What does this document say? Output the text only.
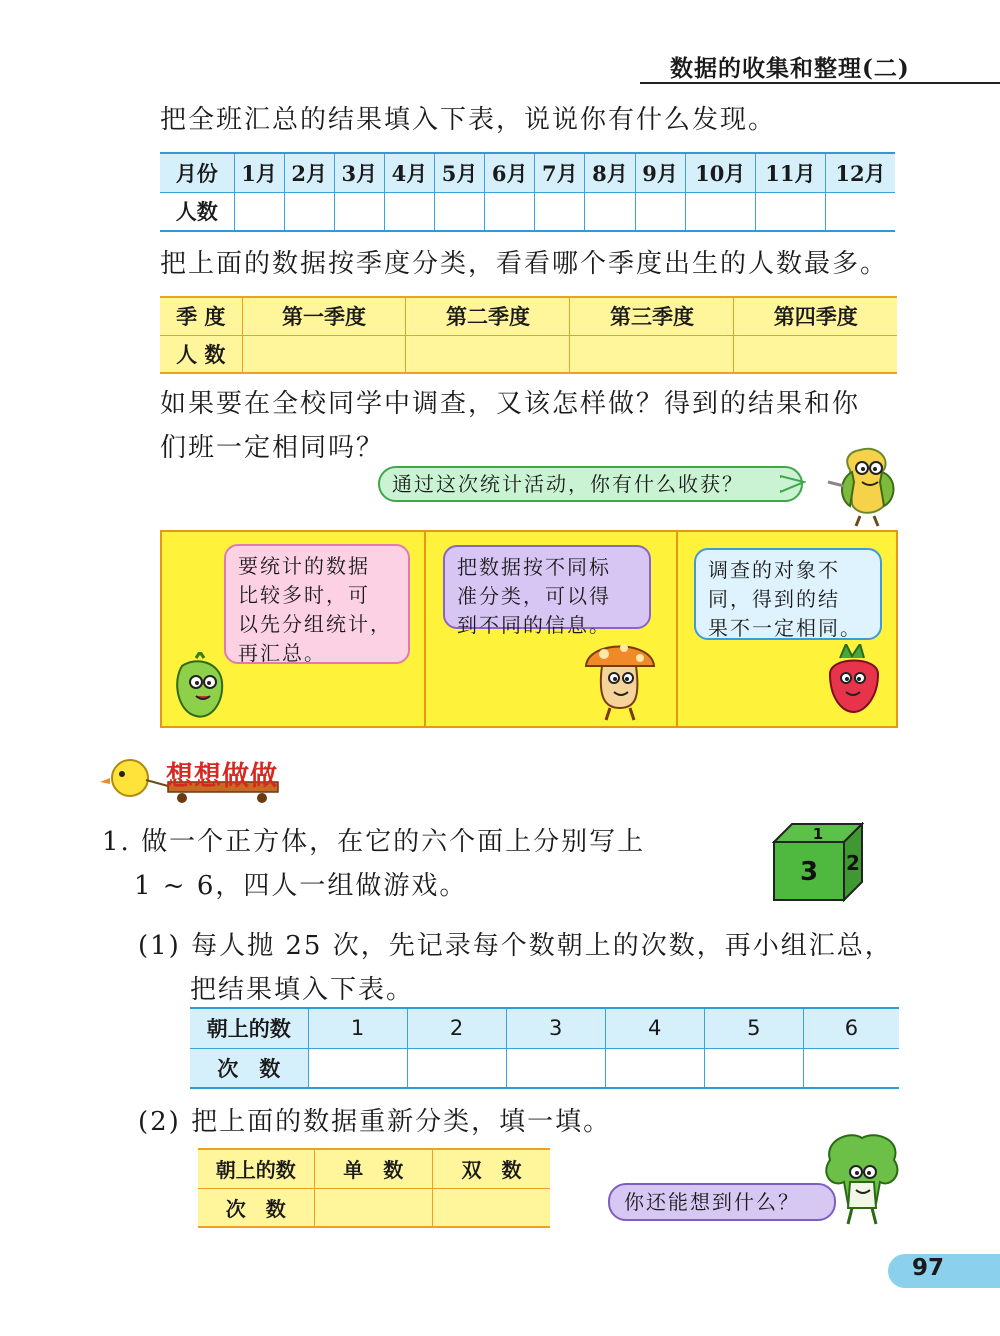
数据的收集和整理(二)
把全班汇总的结果填入下表，说说你有什么发现。
月份	1月	2月	3月	4月	5月	6月	7月	8月	9月	10月	11月	12月
人数												
把上面的数据按季度分类，看看哪个季度出生的人数最多。
季 度	第一季度	第二季度	第三季度	第四季度
人 数				
如果要在全校同学中调查，又该怎样做？得到的结果和你
们班一定相同吗？
通过这次统计活动，你有什么收获？
要统计的数据
比较多时，可
以先分组统计，
再汇总。
把数据按不同标
准分类，可以得
到不同的信息。
调查的对象不
同，得到的结
果不一定相同。
想想做做
1. 做一个正方体，在它的六个面上分别写上
1 ~ 6，四人一组做游戏。	3
1
2
(1) 每人抛 25 次，先记录每个数朝上的次数，再小组汇总，
把结果填入下表。
朝上的数	1	2	3	4	5	6
次　数						
(2) 把上面的数据重新分类，填一填。
朝上的数	单　数	双　数
次　数			你还能想到什么？
97
